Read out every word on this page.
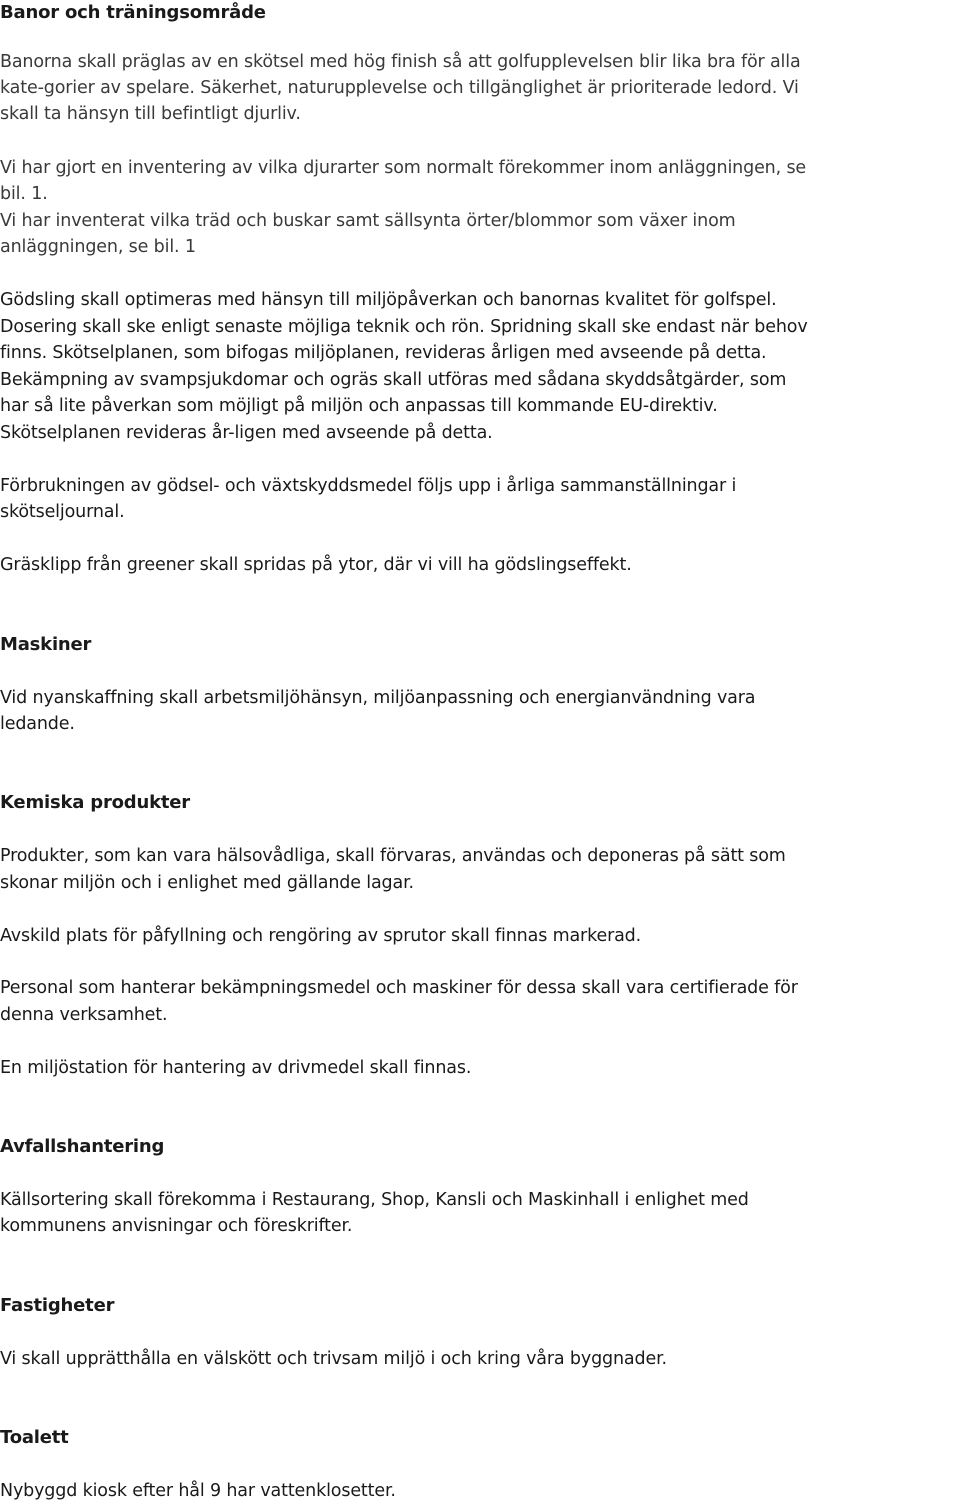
Banor och träningsområde
Banorna skall präglas av en skötsel med hög finish så att golfupplevelsen blir lika bra för alla
kate-gorier av spelare. Säkerhet, naturupplevelse och tillgänglighet är prioriterade ledord. Vi
skall ta hänsyn till befintligt djurliv.
Vi har gjort en inventering av vilka djurarter som normalt förekommer inom anläggningen, se
bil. 1.
Vi har inventerat vilka träd och buskar samt sällsynta örter/blommor som växer inom
anläggningen, se bil. 1
Gödsling skall optimeras med hänsyn till miljöpåverkan och banornas kvalitet för golfspel.
Dosering skall ske enligt senaste möjliga teknik och rön. Spridning skall ske endast när behov
finns. Skötselplanen, som bifogas miljöplanen, revideras årligen med avseende på detta.
Bekämpning av svampsjukdomar och ogräs skall utföras med sådana skyddsåtgärder, som
har så lite påverkan som möjligt på miljön och anpassas till kommande EU-direktiv.
Skötselplanen revideras år-ligen med avseende på detta.
Förbrukningen av gödsel- och växtskyddsmedel följs upp i årliga sammanställningar i
skötseljournal.
Gräsklipp från greener skall spridas på ytor, där vi vill ha gödslingseffekt.
Maskiner
Vid nyanskaffning skall arbetsmiljöhänsyn, miljöanpassning och energianvändning vara
ledande.
Kemiska produkter
Produkter, som kan vara hälsovådliga, skall förvaras, användas och deponeras på sätt som
skonar miljön och i enlighet med gällande lagar.
Avskild plats för påfyllning och rengöring av sprutor skall finnas markerad.
Personal som hanterar bekämpningsmedel och maskiner för dessa skall vara certifierade för
denna verksamhet.
En miljöstation för hantering av drivmedel skall finnas.
Avfallshantering
Källsortering skall förekomma i Restaurang, Shop, Kansli och Maskinhall i enlighet med
kommunens anvisningar och föreskrifter.
Fastigheter
Vi skall upprätthålla en välskött och trivsam miljö i och kring våra byggnader.
Toalett
Nybyggd kiosk efter hål 9 har vattenklosetter.
